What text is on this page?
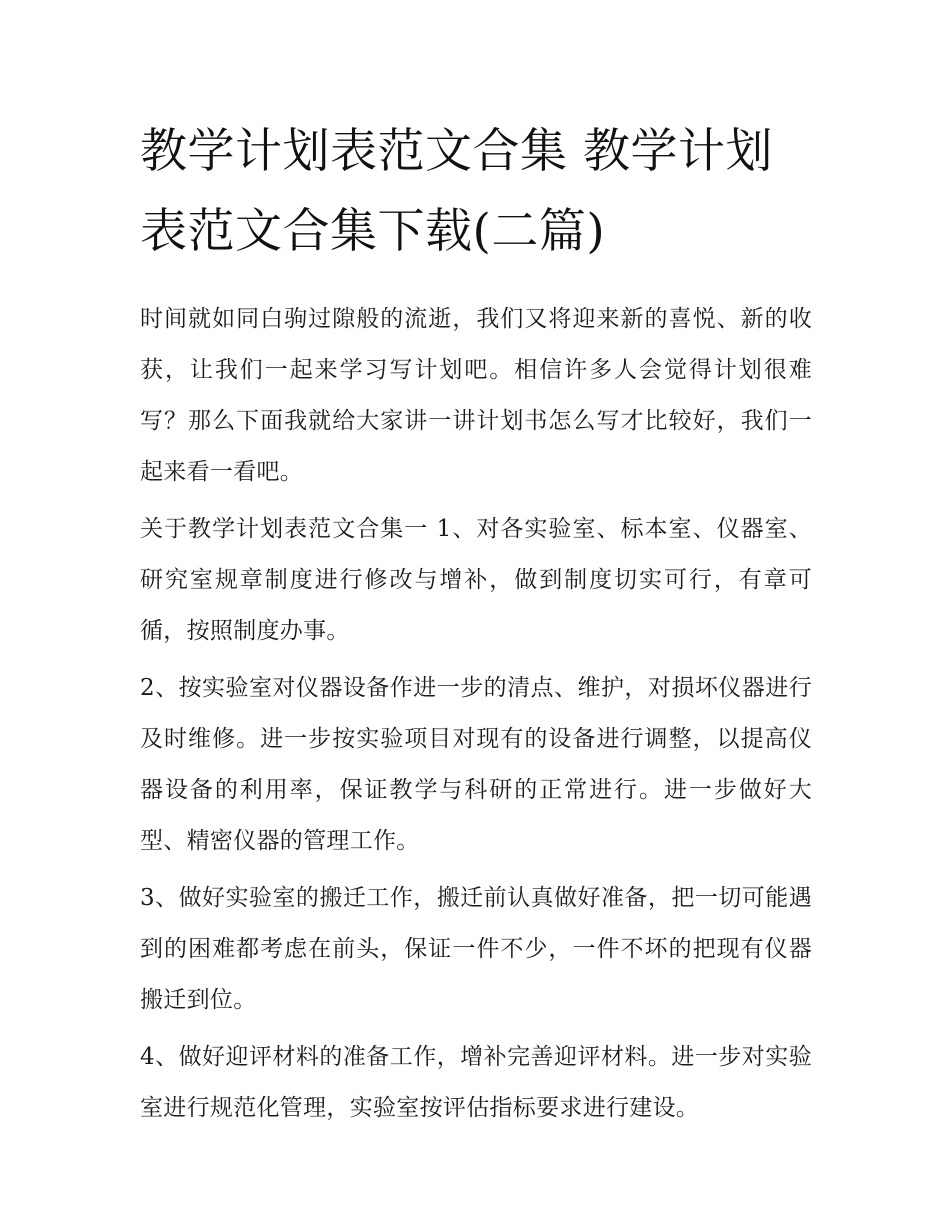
教学计划表范文合集 教学计划表范文合集下载(二篇)

时间就如同白驹过隙般的流逝，我们又将迎来新的喜悦、新的收获，让我们一起来学习写计划吧。相信许多人会觉得计划很难写？那么下面我就给大家讲一讲计划书怎么写才比较好，我们一起来看一看吧。

关于教学计划表范文合集一 1、对各实验室、标本室、仪器室、研究室规章制度进行修改与增补，做到制度切实可行，有章可循，按照制度办事。

2、按实验室对仪器设备作进一步的清点、维护，对损坏仪器进行及时维修。进一步按实验项目对现有的设备进行调整，以提高仪器设备的利用率，保证教学与科研的正常进行。进一步做好大型、精密仪器的管理工作。

3、做好实验室的搬迁工作，搬迁前认真做好准备，把一切可能遇到的困难都考虑在前头，保证一件不少，一件不坏的把现有仪器搬迁到位。

4、做好迎评材料的准备工作，增补完善迎评材料。进一步对实验室进行规范化管理，实验室按评估指标要求进行建设。
